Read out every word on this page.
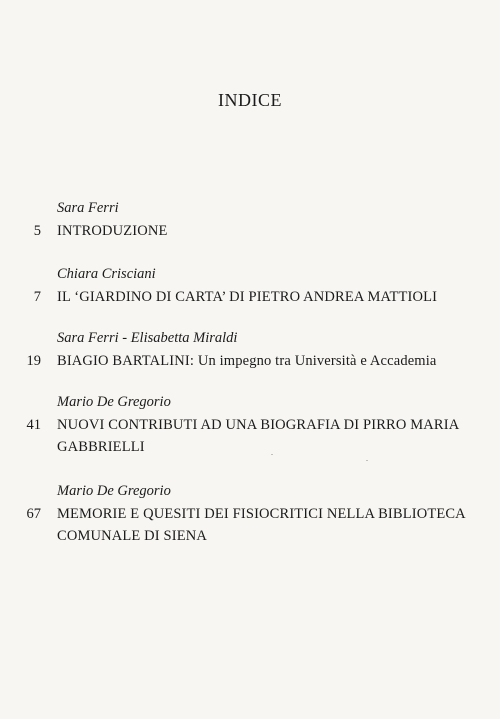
INDICE
Sara Ferri
5 INTRODUZIONE
Chiara Crisciani
7 IL ‘GIARDINO DI CARTA’ DI PIETRO ANDREA MATTIOLI
Sara Ferri - Elisabetta Miraldi
19 BIAGIO BARTALINI: Un impegno tra Università e Accademia
Mario De Gregorio
41 NUOVI CONTRIBUTI AD UNA BIOGRAFIA DI PIRRO MARIA
GABBRIELLI
Mario De Gregorio
67 MEMORIE E QUESITI DEI FISIOCRITICI NELLA BIBLIOTECA
COMUNALE DI SIENA
